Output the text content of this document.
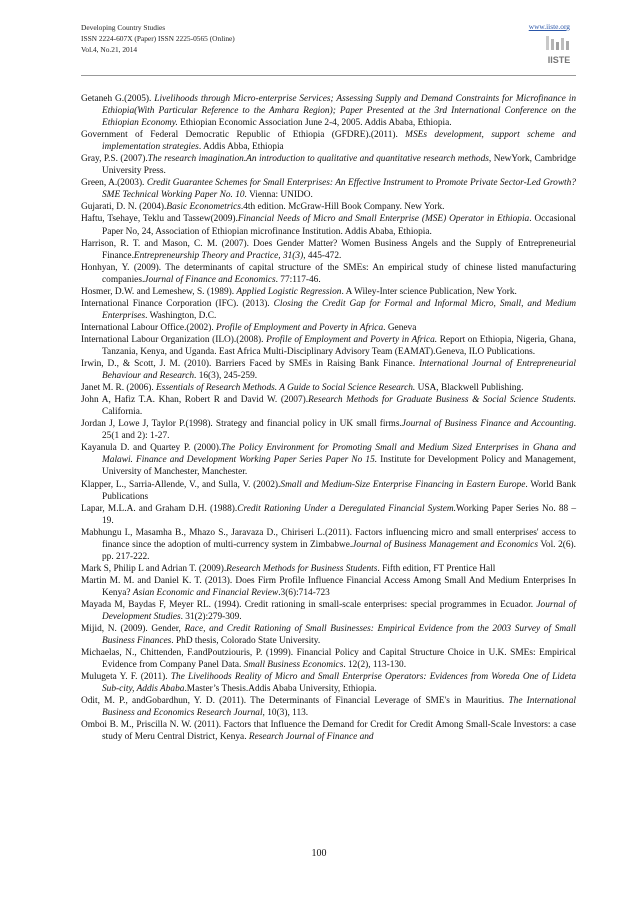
Developing Country Studies
ISSN 2224-607X (Paper) ISSN 2225-0565 (Online)
Vol.4, No.21, 2014
www.iiste.org
IISTE

Getaneh G.(2005). Livelihoods through Micro-enterprise Services; Assessing Supply and Demand Constraints for Microfinance in Ethiopia(With Particular Reference to the Amhara Region); Paper Presented at the 3rd International Conference on the Ethiopian Economy. Ethiopian Economic Association June 2-4, 2005. Addis Ababa, Ethiopia.

Government of Federal Democratic Republic of Ethiopia (GFDRE).(2011). MSEs development, support scheme and implementation strategies. Addis Abba, Ethiopia

Gray, P.S. (2007).The research imagination.An introduction to qualitative and quantitative research methods, NewYork, Cambridge University Press.

Green, A.(2003). Credit Guarantee Schemes for Small Enterprises: An Effective Instrument to Promote Private Sector-Led Growth? SME Technical Working Paper No. 10. Vienna: UNIDO.

Gujarati, D. N. (2004).Basic Econometrics.4th edition. McGraw-Hill Book Company. New York.

Haftu, Tsehaye, Teklu and Tassew(2009).Financial Needs of Micro and Small Enterprise (MSE) Operator in Ethiopia. Occasional Paper No, 24, Association of Ethiopian microfinance Institution. Addis Ababa, Ethiopia.

Harrison, R. T. and Mason, C. M. (2007). Does Gender Matter? Women Business Angels and the Supply of Entrepreneurial Finance.Entrepreneurship Theory and Practice, 31(3), 445-472.

Honhyan, Y. (2009). The determinants of capital structure of the SMEs: An empirical study of chinese listed manufacturing companies.Journal of Finance and Economics. 77:117-46.

Hosmer, D.W. and Lemeshew, S. (1989). Applied Logistic Regression. A Wiley-Inter science Publication, New York.

International Finance Corporation (IFC). (2013). Closing the Credit Gap for Formal and Informal Micro, Small, and Medium Enterprises. Washington, D.C.

International Labour Office.(2002). Profile of Employment and Poverty in Africa. Geneva

International Labour Organization (ILO).(2008). Profile of Employment and Poverty in Africa. Report on Ethiopia, Nigeria, Ghana, Tanzania, Kenya, and Uganda. East Africa Multi-Disciplinary Advisory Team (EAMAT).Geneva, ILO Publications.

Irwin, D., & Scott, J. M. (2010). Barriers Faced by SMEs in Raising Bank Finance. International Journal of Entrepreneurial Behaviour and Research. 16(3), 245-259.

Janet M. R. (2006). Essentials of Research Methods. A Guide to Social Science Research. USA, Blackwell Publishing.

John A, Hafiz T.A. Khan, Robert R and David W. (2007).Research Methods for Graduate Business & Social Science Students. California.

Jordan J, Lowe J, Taylor P.(1998). Strategy and financial policy in UK small firms.Journal of Business Finance and Accounting. 25(1 and 2): 1-27.

Kayanula D. and Quartey P. (2000).The Policy Environment for Promoting Small and Medium Sized Enterprises in Ghana and Malawi. Finance and Development Working Paper Series Paper No 15. Institute for Development Policy and Management, University of Manchester, Manchester.

Klapper, L., Sarria-Allende, V., and Sulla, V. (2002).Small and Medium-Size Enterprise Financing in Eastern Europe. World Bank Publications

Lapar, M.L.A. and Graham D.H. (1988).Credit Rationing Under a Deregulated Financial System.Working Paper Series No. 88 – 19.

Mabhungu I., Masamha B., Mhazo S., Jaravaza D., Chiriseri L.(2011). Factors influencing micro and small enterprises' access to finance since the adoption of multi-currency system in Zimbabwe.Journal of Business Management and Economics Vol. 2(6). pp. 217-222.

Mark S, Philip L and Adrian T. (2009).Research Methods for Business Students. Fifth edition, FT Prentice Hall

Martin M. M. and Daniel K. T. (2013). Does Firm Profile Influence Financial Access Among Small And Medium Enterprises In Kenya? Asian Economic and Financial Review.3(6):714-723

Mayada M, Baydas F, Meyer RL. (1994). Credit rationing in small-scale enterprises: special programmes in Ecuador. Journal of Development Studies. 31(2):279-309.

Mijid, N. (2009). Gender, Race, and Credit Rationing of Small Businesses: Empirical Evidence from the 2003 Survey of Small Business Finances. PhD thesis, Colorado State University.

Michaelas, N., Chittenden, F.andPoutziouris, P. (1999). Financial Policy and Capital Structure Choice in U.K. SMEs: Empirical Evidence from Company Panel Data. Small Business Economics. 12(2), 113-130.

Mulugeta Y. F. (2011). The Livelihoods Reality of Micro and Small Enterprise Operators: Evidences from Woreda One of Lideta Sub-city, Addis Ababa.Master’s Thesis.Addis Ababa University, Ethiopia.

Odit, M. P., andGobardhun, Y. D. (2011). The Determinants of Financial Leverage of SME's in Mauritius. The International Business and Economics Research Journal, 10(3), 113.

Omboi B. M., Priscilla N. W. (2011). Factors that Influence the Demand for Credit for Credit Among Small-Scale Investors: a case study of Meru Central District, Kenya. Research Journal of Finance and

100
